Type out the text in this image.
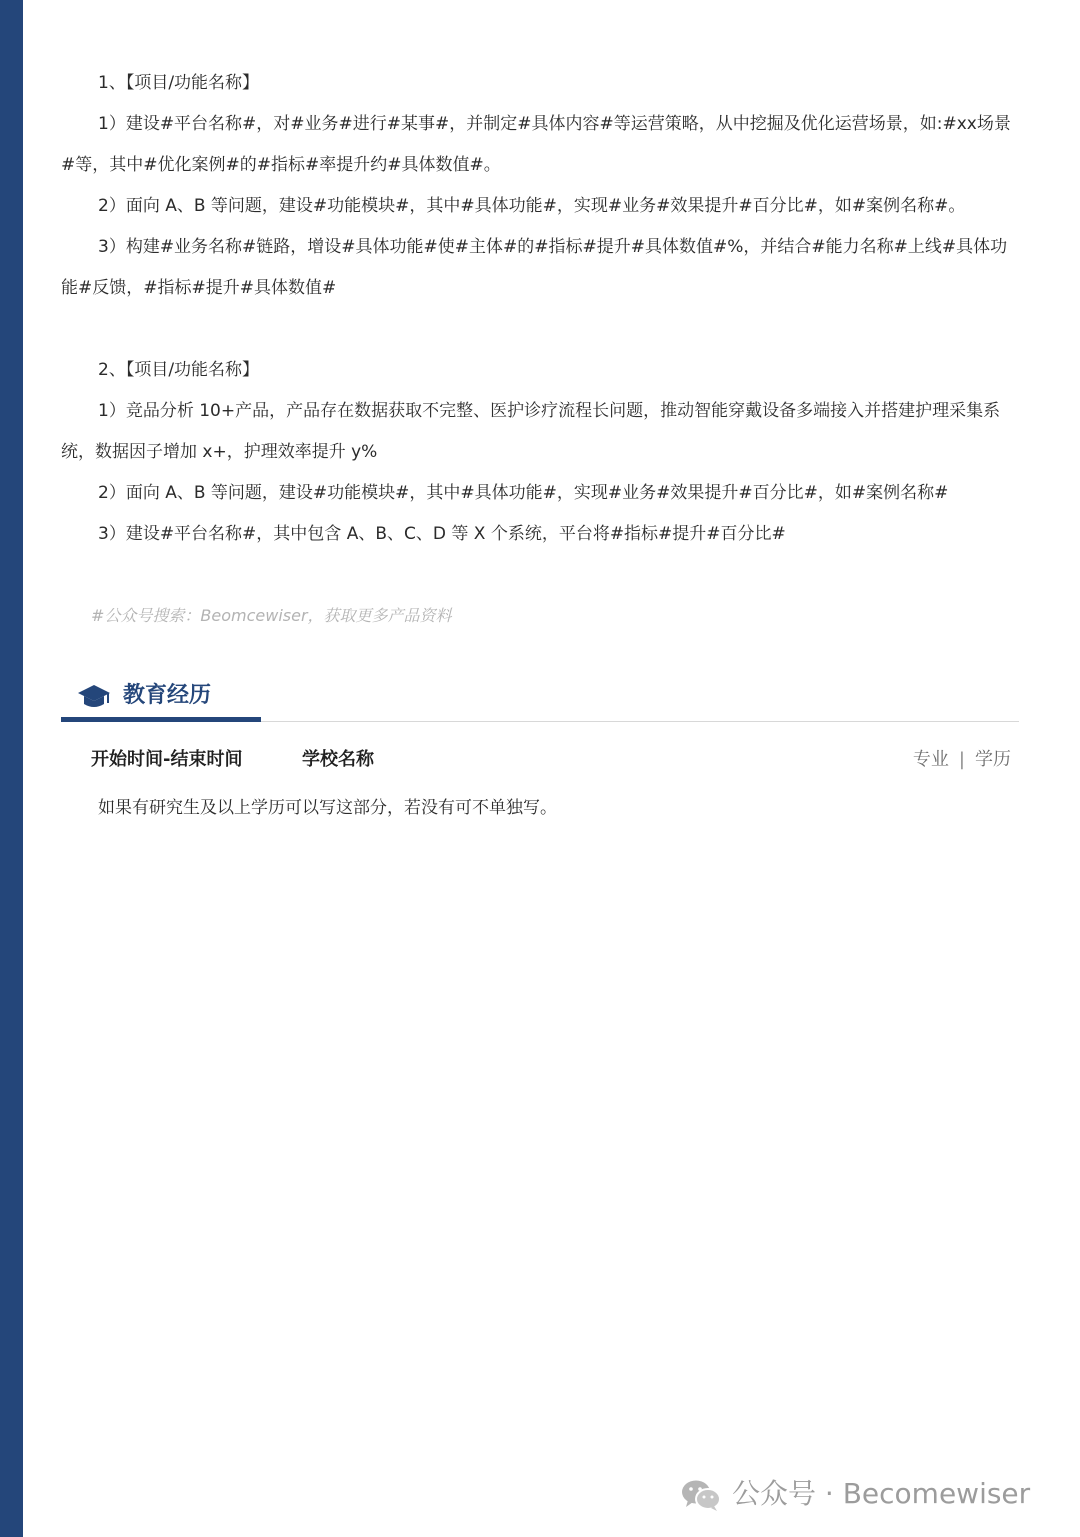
1、【项目/功能名称】

1）建设#平台名称#，对#业务#进行#某事#，并制定#具体内容#等运营策略，从中挖掘及优化运营场景，如:#xx场景#等，其中#优化案例#的#指标#率提升约#具体数值#。

2）面向 A、B 等问题，建设#功能模块#，其中#具体功能#，实现#业务#效果提升#百分比#，如#案例名称#。

3）构建#业务名称#链路，增设#具体功能#使#主体#的#指标#提升#具体数值#%，并结合#能力名称#上线#具体功能#反馈，#指标#提升#具体数值#

2、【项目/功能名称】

1）竞品分析 10+产品，产品存在数据获取不完整、医护诊疗流程长问题，推动智能穿戴设备多端接入并搭建护理采集系统，数据因子增加 x+，护理效率提升 y%

2）面向 A、B 等问题，建设#功能模块#，其中#具体功能#，实现#业务#效果提升#百分比#，如#案例名称#

3）建设#平台名称#，其中包含 A、B、C、D 等 X 个系统，平台将#指标#提升#百分比#

#公众号搜索：Beomcewiser，获取更多产品资料
教育经历
开始时间-结束时间	学校名称	专业 | 学历
如果有研究生及以上学历可以写这部分，若没有可不单独写。
公众号 · Becomewiser
